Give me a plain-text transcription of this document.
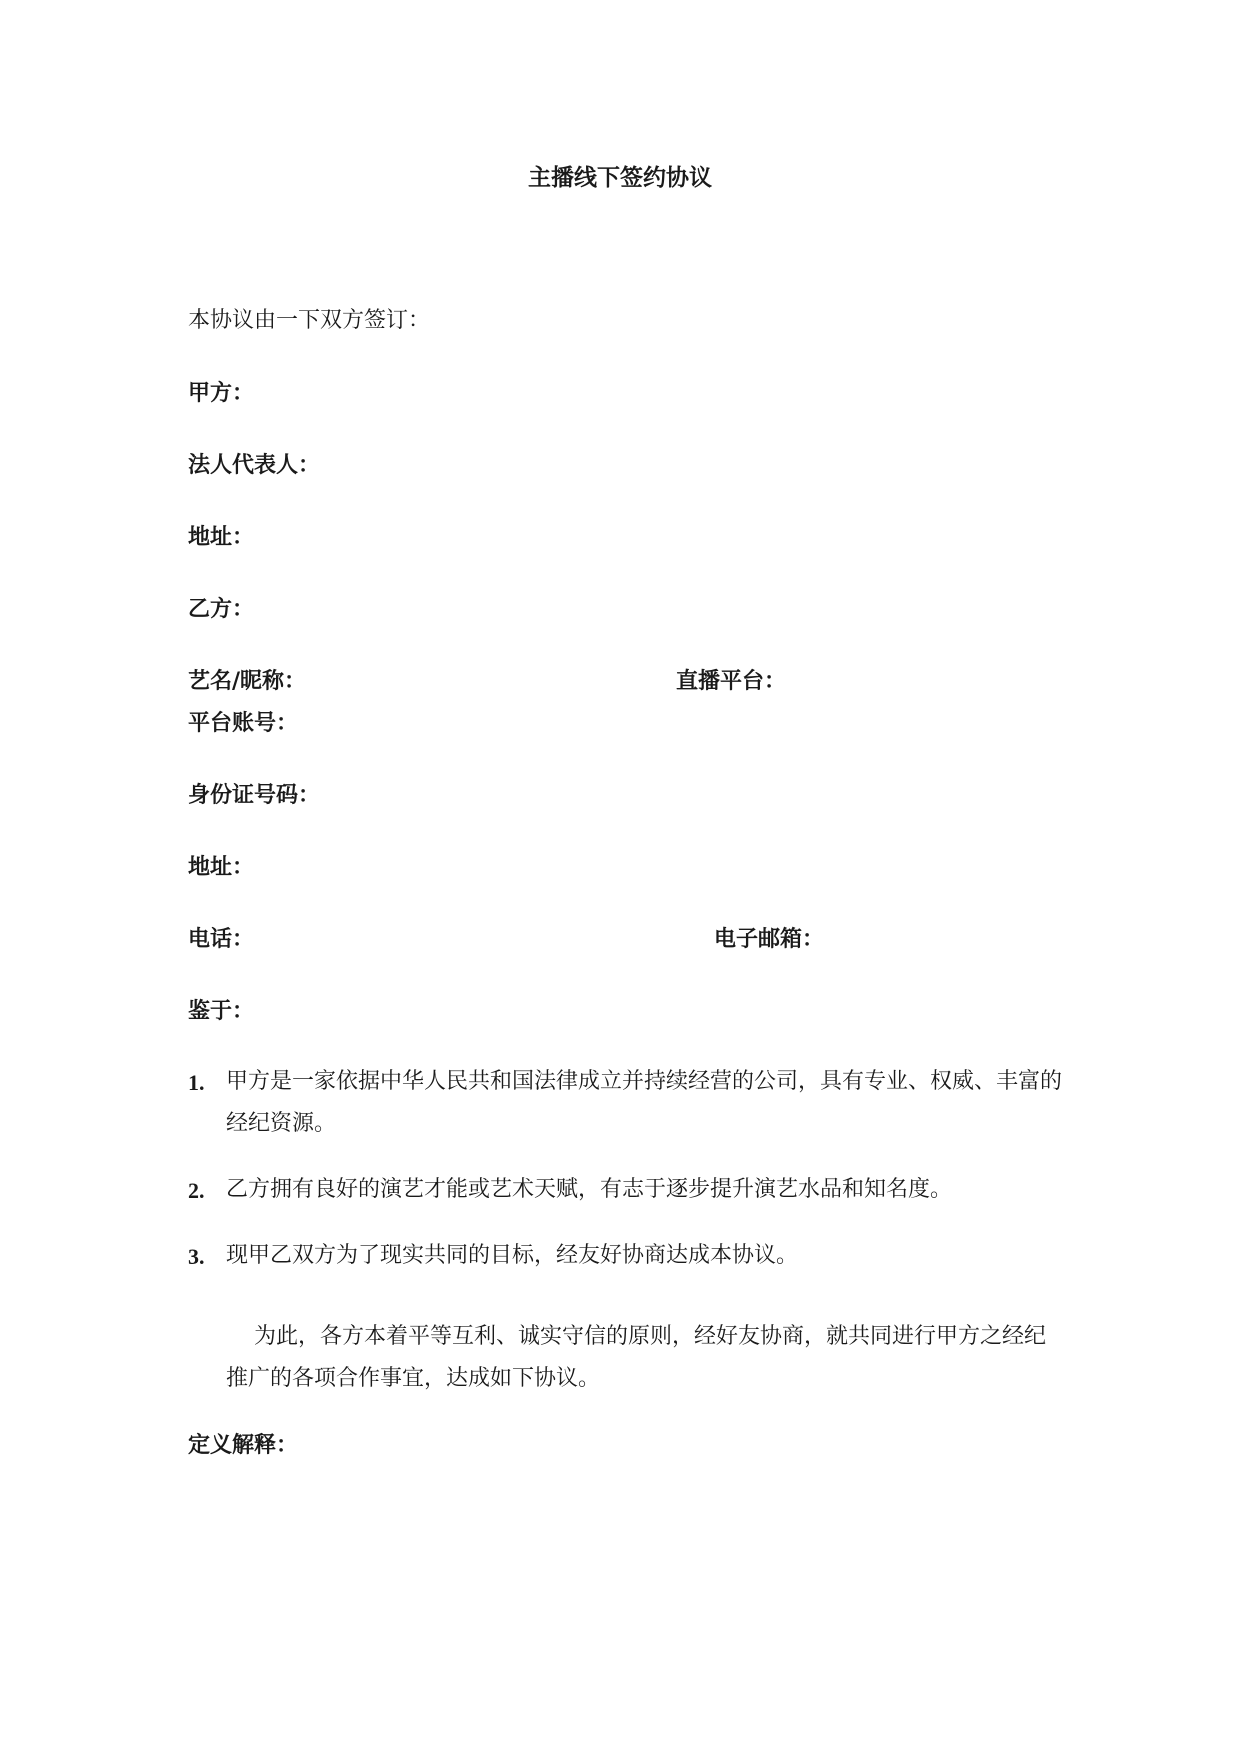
主播线下签约协议
本协议由一下双方签订：
甲方：
法人代表人：
地址：
乙方：
艺名/昵称：	直播平台：
平台账号：
身份证号码：
地址：
电话：	电子邮箱：
鉴于：
1. 甲方是一家依据中华人民共和国法律成立并持续经营的公司，具有专业、权威、丰富的经纪资源。
2. 乙方拥有良好的演艺才能或艺术天赋，有志于逐步提升演艺水品和知名度。
3. 现甲乙双方为了现实共同的目标，经友好协商达成本协议。
为此，各方本着平等互利、诚实守信的原则，经好友协商，就共同进行甲方之经纪推广的各项合作事宜，达成如下协议。
定义解释：
